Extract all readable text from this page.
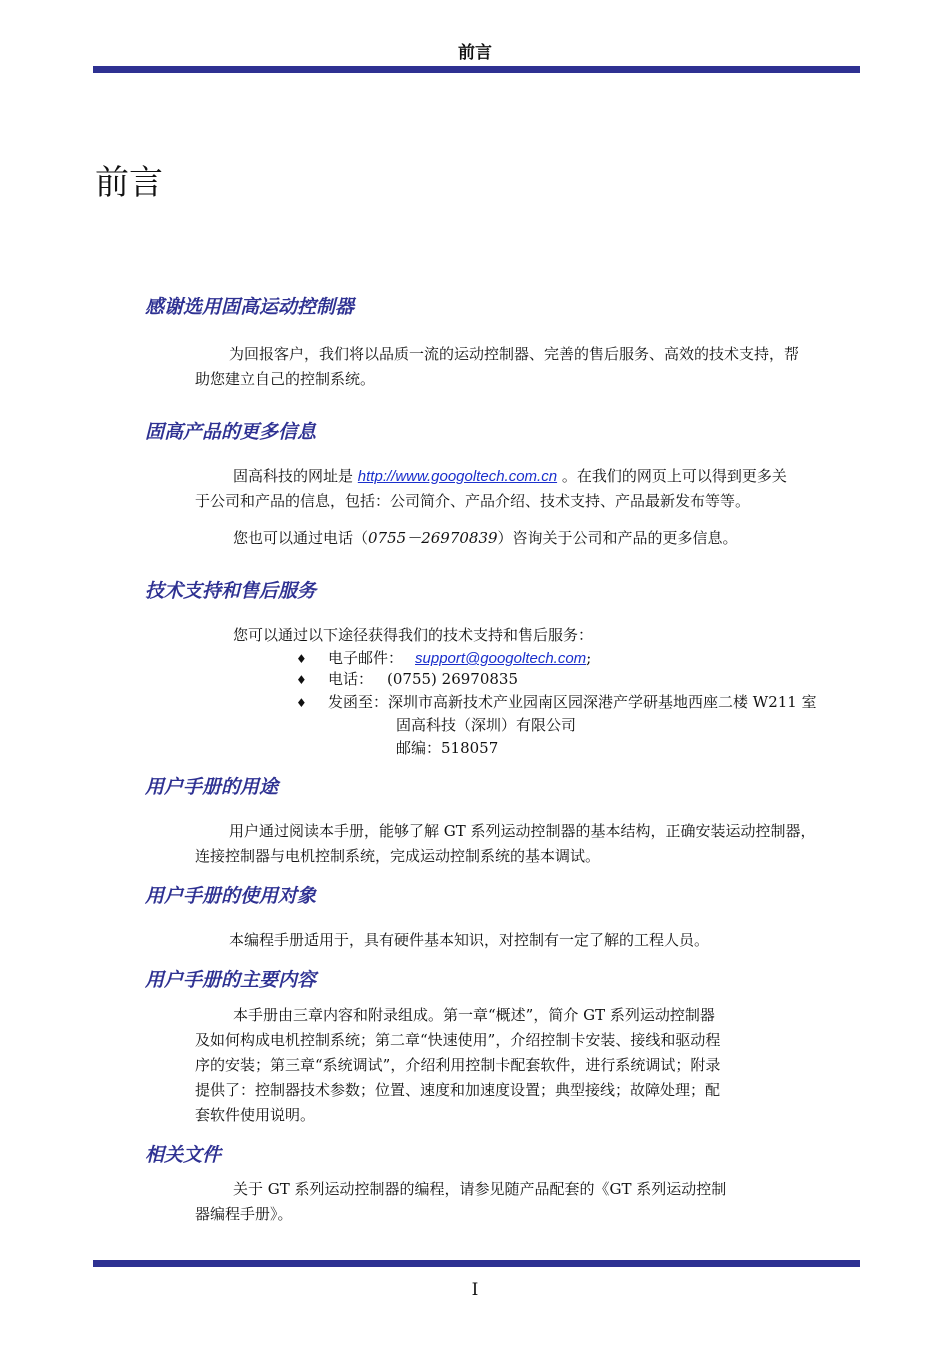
前言
前言
感谢选用固高运动控制器

为回报客户，我们将以品质一流的运动控制器、完善的售后服务、高效的技术支持，帮

助您建立自己的控制系统。

固高产品的更多信息

固高科技的网址是 http://www.googoltech.com.cn 。在我们的网页上可以得到更多关

于公司和产品的信息，包括：公司简介、产品介绍、技术支持、产品最新发布等等。

您也可以通过电话（0755－26970839）咨询关于公司和产品的更多信息。

技术支持和售后服务

您可以通过以下途径获得我们的技术支持和售后服务：

♦ 电子邮件： support@googoltech.com;

♦ 电话： (0755) 26970835

♦ 发函至：深圳市高新技术产业园南区园深港产学研基地西座二楼 W211 室

固高科技（深圳）有限公司

邮编：518057

用户手册的用途

用户通过阅读本手册，能够了解 GT 系列运动控制器的基本结构，正确安装运动控制器，

连接控制器与电机控制系统，完成运动控制系统的基本调试。

用户手册的使用对象

本编程手册适用于，具有硬件基本知识，对控制有一定了解的工程人员。

用户手册的主要内容

本手册由三章内容和附录组成。第一章“概述”，简介 GT 系列运动控制器

及如何构成电机控制系统；第二章“快速使用”，介绍控制卡安装、接线和驱动程

序的安装；第三章“系统调试”，介绍利用控制卡配套软件，进行系统调试；附录

提供了：控制器技术参数；位置、速度和加速度设置；典型接线；故障处理；配

套软件使用说明。

相关文件

关于 GT 系列运动控制器的编程，请参见随产品配套的《GT 系列运动控制

器编程手册》。

I
